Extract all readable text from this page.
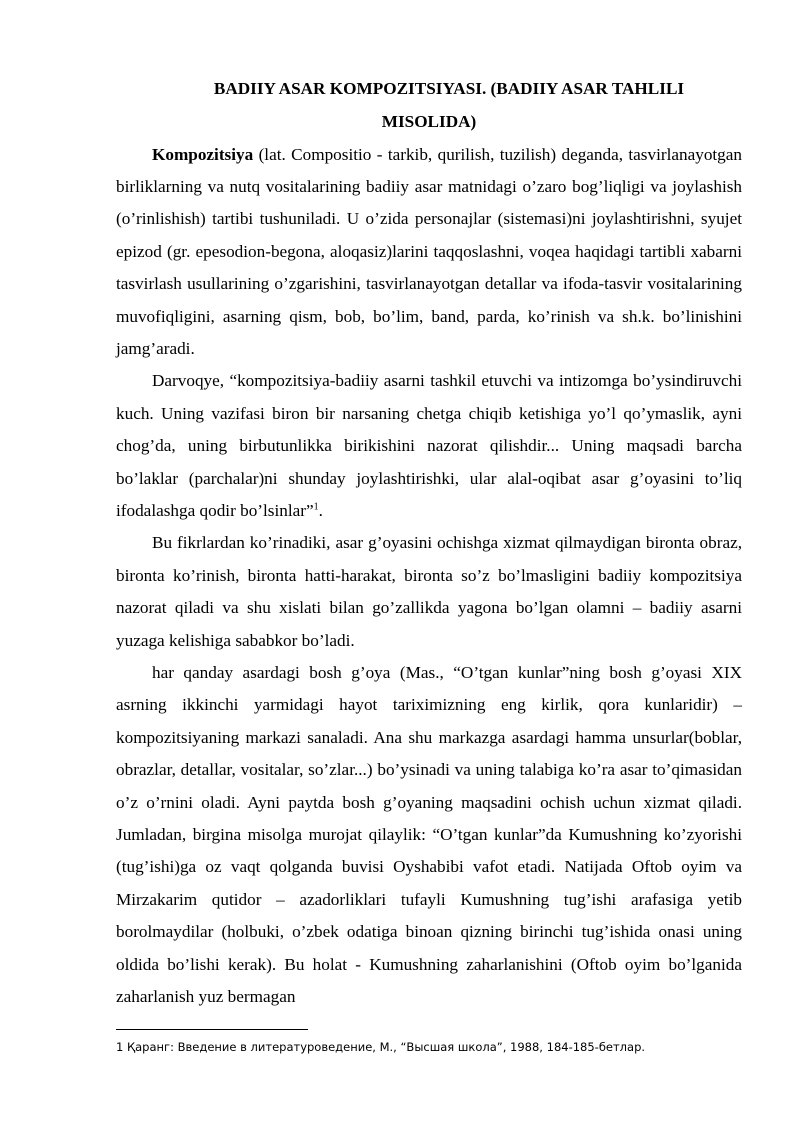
BADIIY ASAR KOMPOZITSIYASI. (BADIIY ASAR TAHLILI
MISOLIDA)

Kompozitsiya (lat. Compositio - tarkib, qurilish, tuzilish) deganda, tasvirlanayotgan birliklarning va nutq vositalarining badiiy asar matnidagi o’zaro bog’liqligi va joylashish (o’rinlishish) tartibi tushuniladi. U o’zida personajlar (sistemasi)ni joylashtirishni, syujet epizod (gr. epesodion-begona, aloqasiz)larini taqqoslashni, voqea haqidagi tartibli xabarni tasvirlash usullarining o’zgarishini, tasvirlanayotgan detallar va ifoda-tasvir vositalarining muvofiqligini, asarning qism, bob, bo’lim, band, parda, ko’rinish va sh.k. bo’linishini jamg’aradi.

Darvoqye, “kompozitsiya-badiiy asarni tashkil etuvchi va intizomga bo’ysindiruvchi kuch. Uning vazifasi biron bir narsaning chetga chiqib ketishiga yo’l qo’ymaslik, ayni chog’da, uning birbutunlikka birikishini nazorat qilishdir... Uning maqsadi barcha bo’laklar (parchalar)ni shunday joylashtirishki, ular alal-oqibat asar g’oyasini to’liq ifodalashga qodir bo’lsinlar”$^1$.

Bu fikrlardan ko’rinadiki, asar g’oyasini ochishga xizmat qilmaydigan bironta obraz, bironta ko’rinish, bironta hatti-harakat, bironta so’z bo’lmasligini badiiy kompozitsiya nazorat qiladi va shu xislati bilan go’zallikda yagona bo’lgan olamni – badiiy asarni yuzaga kelishiga sababkor bo’ladi.

har qanday asardagi bosh g’oya (Mas., “O’tgan kunlar”ning bosh g’oyasi XIX asrning ikkinchi yarmidagi hayot tariximizning eng kirlik, qora kunlaridir) – kompozitsiyaning markazi sanaladi. Ana shu markazga asardagi hamma unsurlar(boblar, obrazlar, detallar, vositalar, so’zlar...) bo’ysinadi va uning talabiga ko’ra asar to’qimasidan o’z o’rnini oladi. Ayni paytda bosh g’oyaning maqsadini ochish uchun xizmat qiladi. Jumladan, birgina misolga murojat qilaylik: “O’tgan kunlar”da Kumushning ko’zyorishi (tug’ishi)ga oz vaqt qolganda buvisi Oyshabibi vafot etadi. Natijada Oftob oyim va Mirzakarim qutidor – azadorliklari tufayli Kumushning tug’ishi arafasiga yetib borolmaydilar (holbuki, o’zbek odatiga binoan qizning birinchi tug’ishida onasi uning oldida bo’lishi kerak). Bu holat - Kumushning zaharlanishini (Oftob oyim bo’lganida zaharlanish yuz bermagan

1 Қаранг: Введение в литературоведение, М., “Высшая школа”, 1988, 184-185-бетлар.
